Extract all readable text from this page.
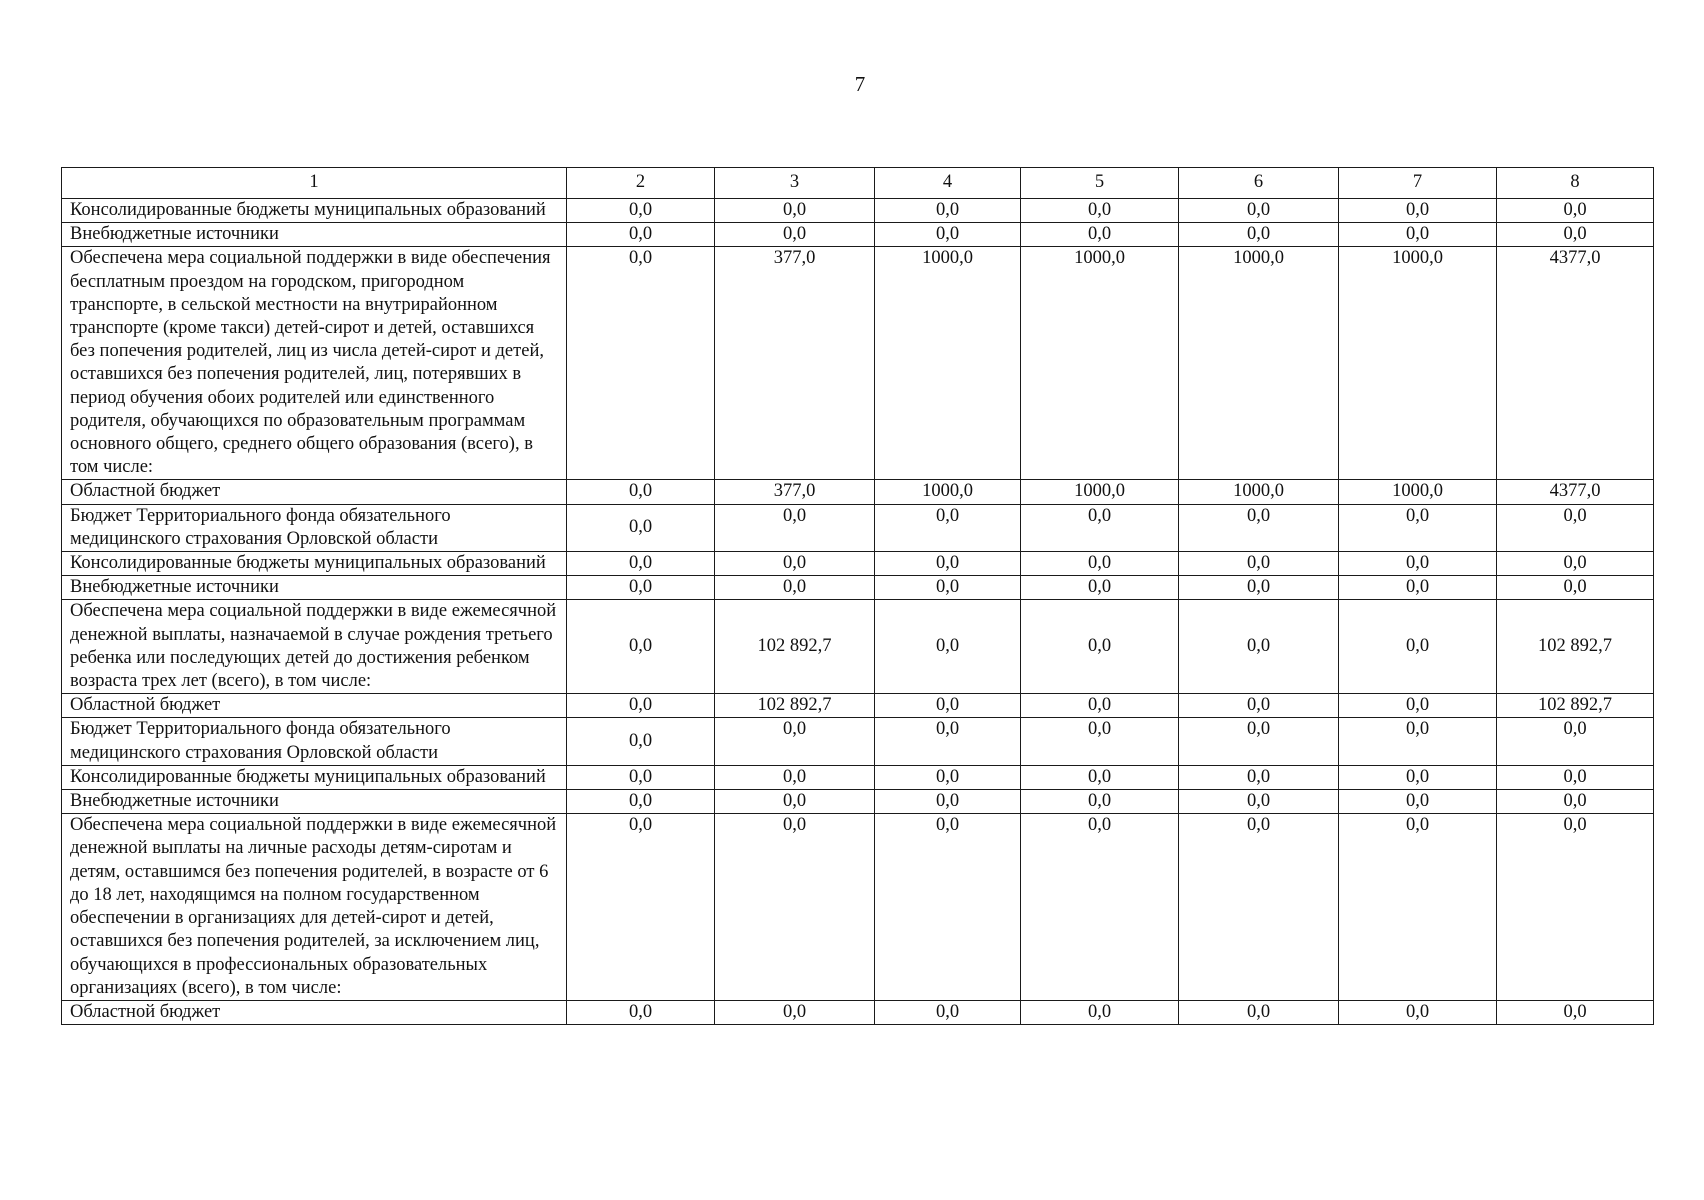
7
1	2	3	4	5	6	7	8
Консолидированные бюджеты муниципальных образований	0,0	0,0	0,0	0,0	0,0	0,0	0,0
Внебюджетные источники	0,0	0,0	0,0	0,0	0,0	0,0	0,0
Обеспечена мера социальной поддержки в виде обеспечения бесплатным проездом на городском, пригородном транспорте, в сельской местности на внутрирайонном транспорте (кроме такси) детей-сирот и детей, оставшихся без попечения родителей, лиц из числа детей-сирот и детей, оставшихся без попечения родителей, лиц, потерявших в период обучения обоих родителей или единственного родителя, обучающихся по образовательным программам основного общего, среднего общего образования (всего), в том числе:	0,0	377,0	1000,0	1000,0	1000,0	1000,0	4377,0
Областной бюджет	0,0	377,0	1000,0	1000,0	1000,0	1000,0	4377,0
Бюджет Территориального фонда обязательного медицинского страхования Орловской области	0,0	0,0	0,0	0,0	0,0	0,0	0,0
Консолидированные бюджеты муниципальных образований	0,0	0,0	0,0	0,0	0,0	0,0	0,0
Внебюджетные источники	0,0	0,0	0,0	0,0	0,0	0,0	0,0
Обеспечена мера социальной поддержки в виде ежемесячной денежной выплаты, назначаемой в случае рождения третьего ребенка или последующих детей до достижения ребенком возраста трех лет (всего), в том числе:	0,0	102 892,7	0,0	0,0	0,0	0,0	102 892,7
Областной бюджет	0,0	102 892,7	0,0	0,0	0,0	0,0	102 892,7
Бюджет Территориального фонда обязательного медицинского страхования Орловской области	0,0	0,0	0,0	0,0	0,0	0,0	0,0
Консолидированные бюджеты муниципальных образований	0,0	0,0	0,0	0,0	0,0	0,0	0,0
Внебюджетные источники	0,0	0,0	0,0	0,0	0,0	0,0	0,0
Обеспечена мера социальной поддержки в виде ежемесячной денежной выплаты на личные расходы детям-сиротам и детям, оставшимся без попечения родителей, в возрасте от 6 до 18 лет, находящимся на полном государственном обеспечении в организациях для детей-сирот и детей, оставшихся без попечения родителей, за исключением лиц, обучающихся в профессиональных образовательных организациях (всего), в том числе:	0,0	0,0	0,0	0,0	0,0	0,0	0,0
Областной бюджет	0,0	0,0	0,0	0,0	0,0	0,0	0,0
